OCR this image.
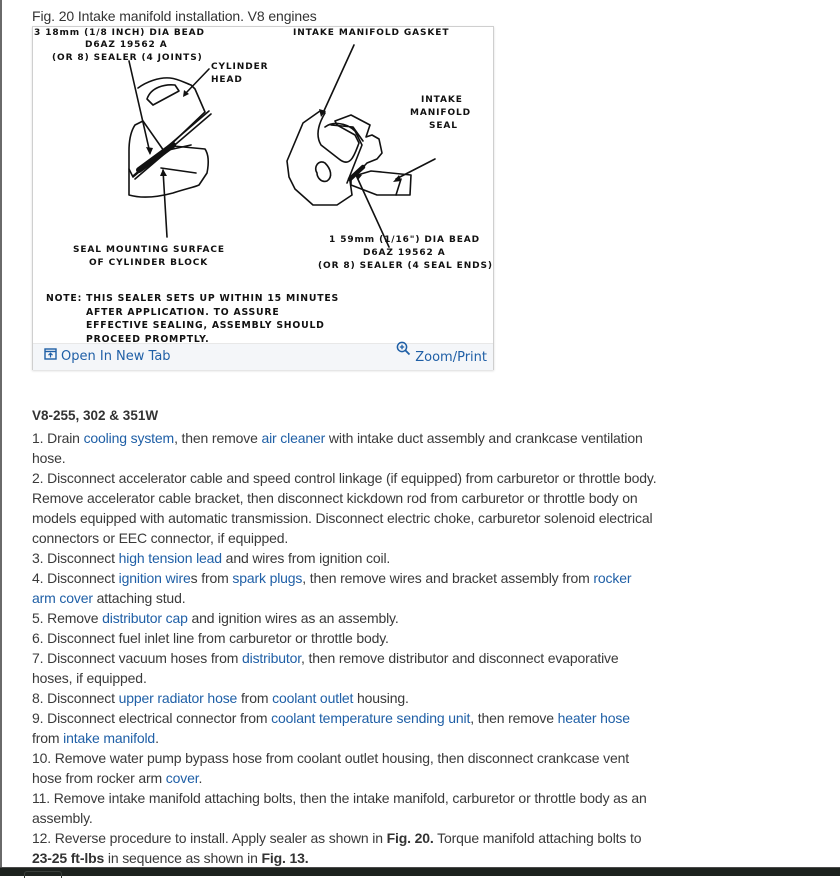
Fig. 20 Intake manifold installation. V8 engines
3 18mm (1/8 INCH) DIA BEAD
D6AZ 19562 A
(OR 8) SEALER (4 JOINTS)
CYLINDER
HEAD
INTAKE MANIFOLD GASKET
INTAKE
MANIFOLD
SEAL
SEAL MOUNTING SURFACE
OF CYLINDER BLOCK
1 59mm (1/16") DIA BEAD
D6AZ 19562 A
(OR 8) SEALER (4 SEAL ENDS)
NOTE: THIS SEALER SETS UP WITHIN 15 MINUTES
AFTER APPLICATION. TO ASSURE
EFFECTIVE SEALING, ASSEMBLY SHOULD
PROCEED PROMPTLY.
Open In New Tab	Zoom/Print
V8-255, 302 & 351W

1. Drain cooling system, then remove air cleaner with intake duct assembly and crankcase ventilation hose.

2. Disconnect accelerator cable and speed control linkage (if equipped) from carburetor or throttle body. Remove accelerator cable bracket, then disconnect kickdown rod from carburetor or throttle body on models equipped with automatic transmission. Disconnect electric choke, carburetor solenoid electrical connectors or EEC connector, if equipped.

3. Disconnect high tension lead and wires from ignition coil.

4. Disconnect ignition wires from spark plugs, then remove wires and bracket assembly from rocker arm cover attaching stud.

5. Remove distributor cap and ignition wires as an assembly.

6. Disconnect fuel inlet line from carburetor or throttle body.

7. Disconnect vacuum hoses from distributor, then remove distributor and disconnect evaporative hoses, if equipped.

8. Disconnect upper radiator hose from coolant outlet housing.

9. Disconnect electrical connector from coolant temperature sending unit, then remove heater hose from intake manifold.

10. Remove water pump bypass hose from coolant outlet housing, then disconnect crankcase vent hose from rocker arm cover.

11. Remove intake manifold attaching bolts, then the intake manifold, carburetor or throttle body as an assembly.

12. Reverse procedure to install. Apply sealer as shown in Fig. 20. Torque manifold attaching bolts to 23-25 ft-lbs in sequence as shown in Fig. 13.
